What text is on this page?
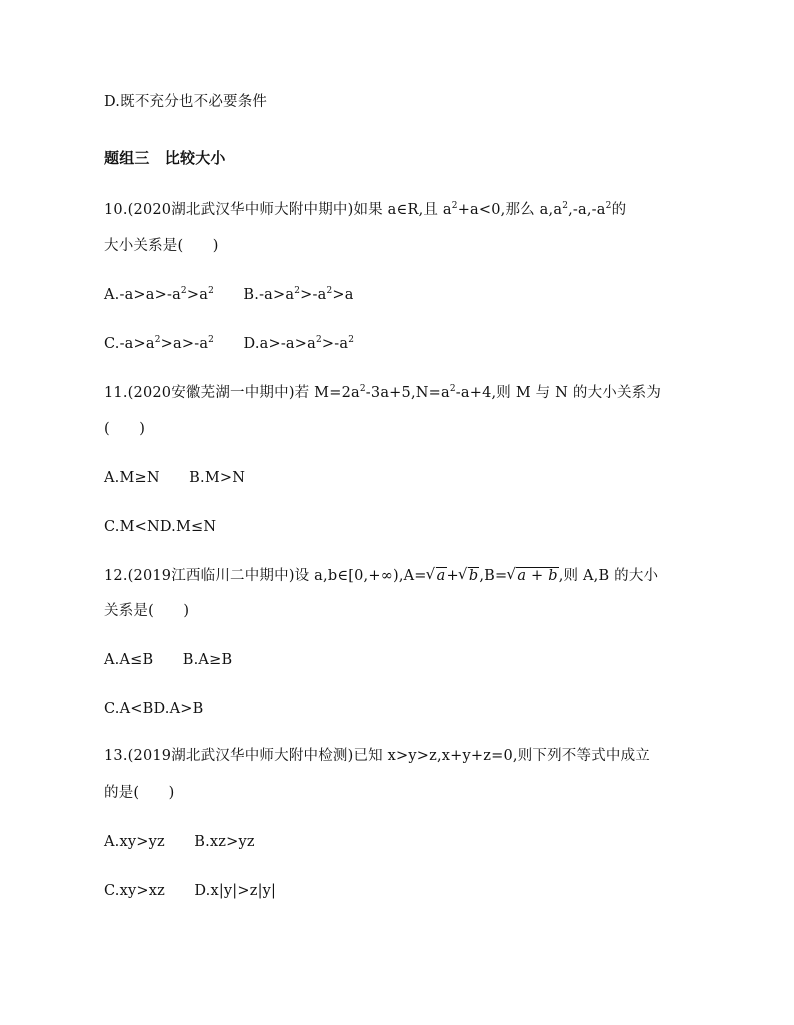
D.既不充分也不必要条件
题组三　比较大小
10.(2020湖北武汉华中师大附中期中)如果 a∈R,且 $a^2+a<0$,那么 $a,a^2,-a,-a^2$的
大小关系是(　　)
$A.-a>a>-a^2>a^2$　　 $B.-a>a^2>-a^2>a$
$C.-a>a^2>a>-a^2$　　 $D.a>-a>a^2>-a^2$
11.(2020安徽芜湖一中期中)若 $M=2a^2-3a+5,N=a^2-a+4$,则 M 与 N 的大小关系为
(　　)
A.M≥N　　B.M>N
C.M<ND.M≤N
12.(2019江西临川二中期中)设 a,b∈[0,+∞),A= √ a+ √ b,B= √ a + b,则 A,B 的大小
关系是(　　)
A.A≤B　　B.A≥B
C.A<BD.A>B
13.(2019湖北武汉华中师大附中检测)已知 x>y>z,x+y+z=0,则下列不等式中成立
的是(　　)
A.xy>yz　　B.xz>yz
C.xy>xz　　D.x|y|>z|y|
